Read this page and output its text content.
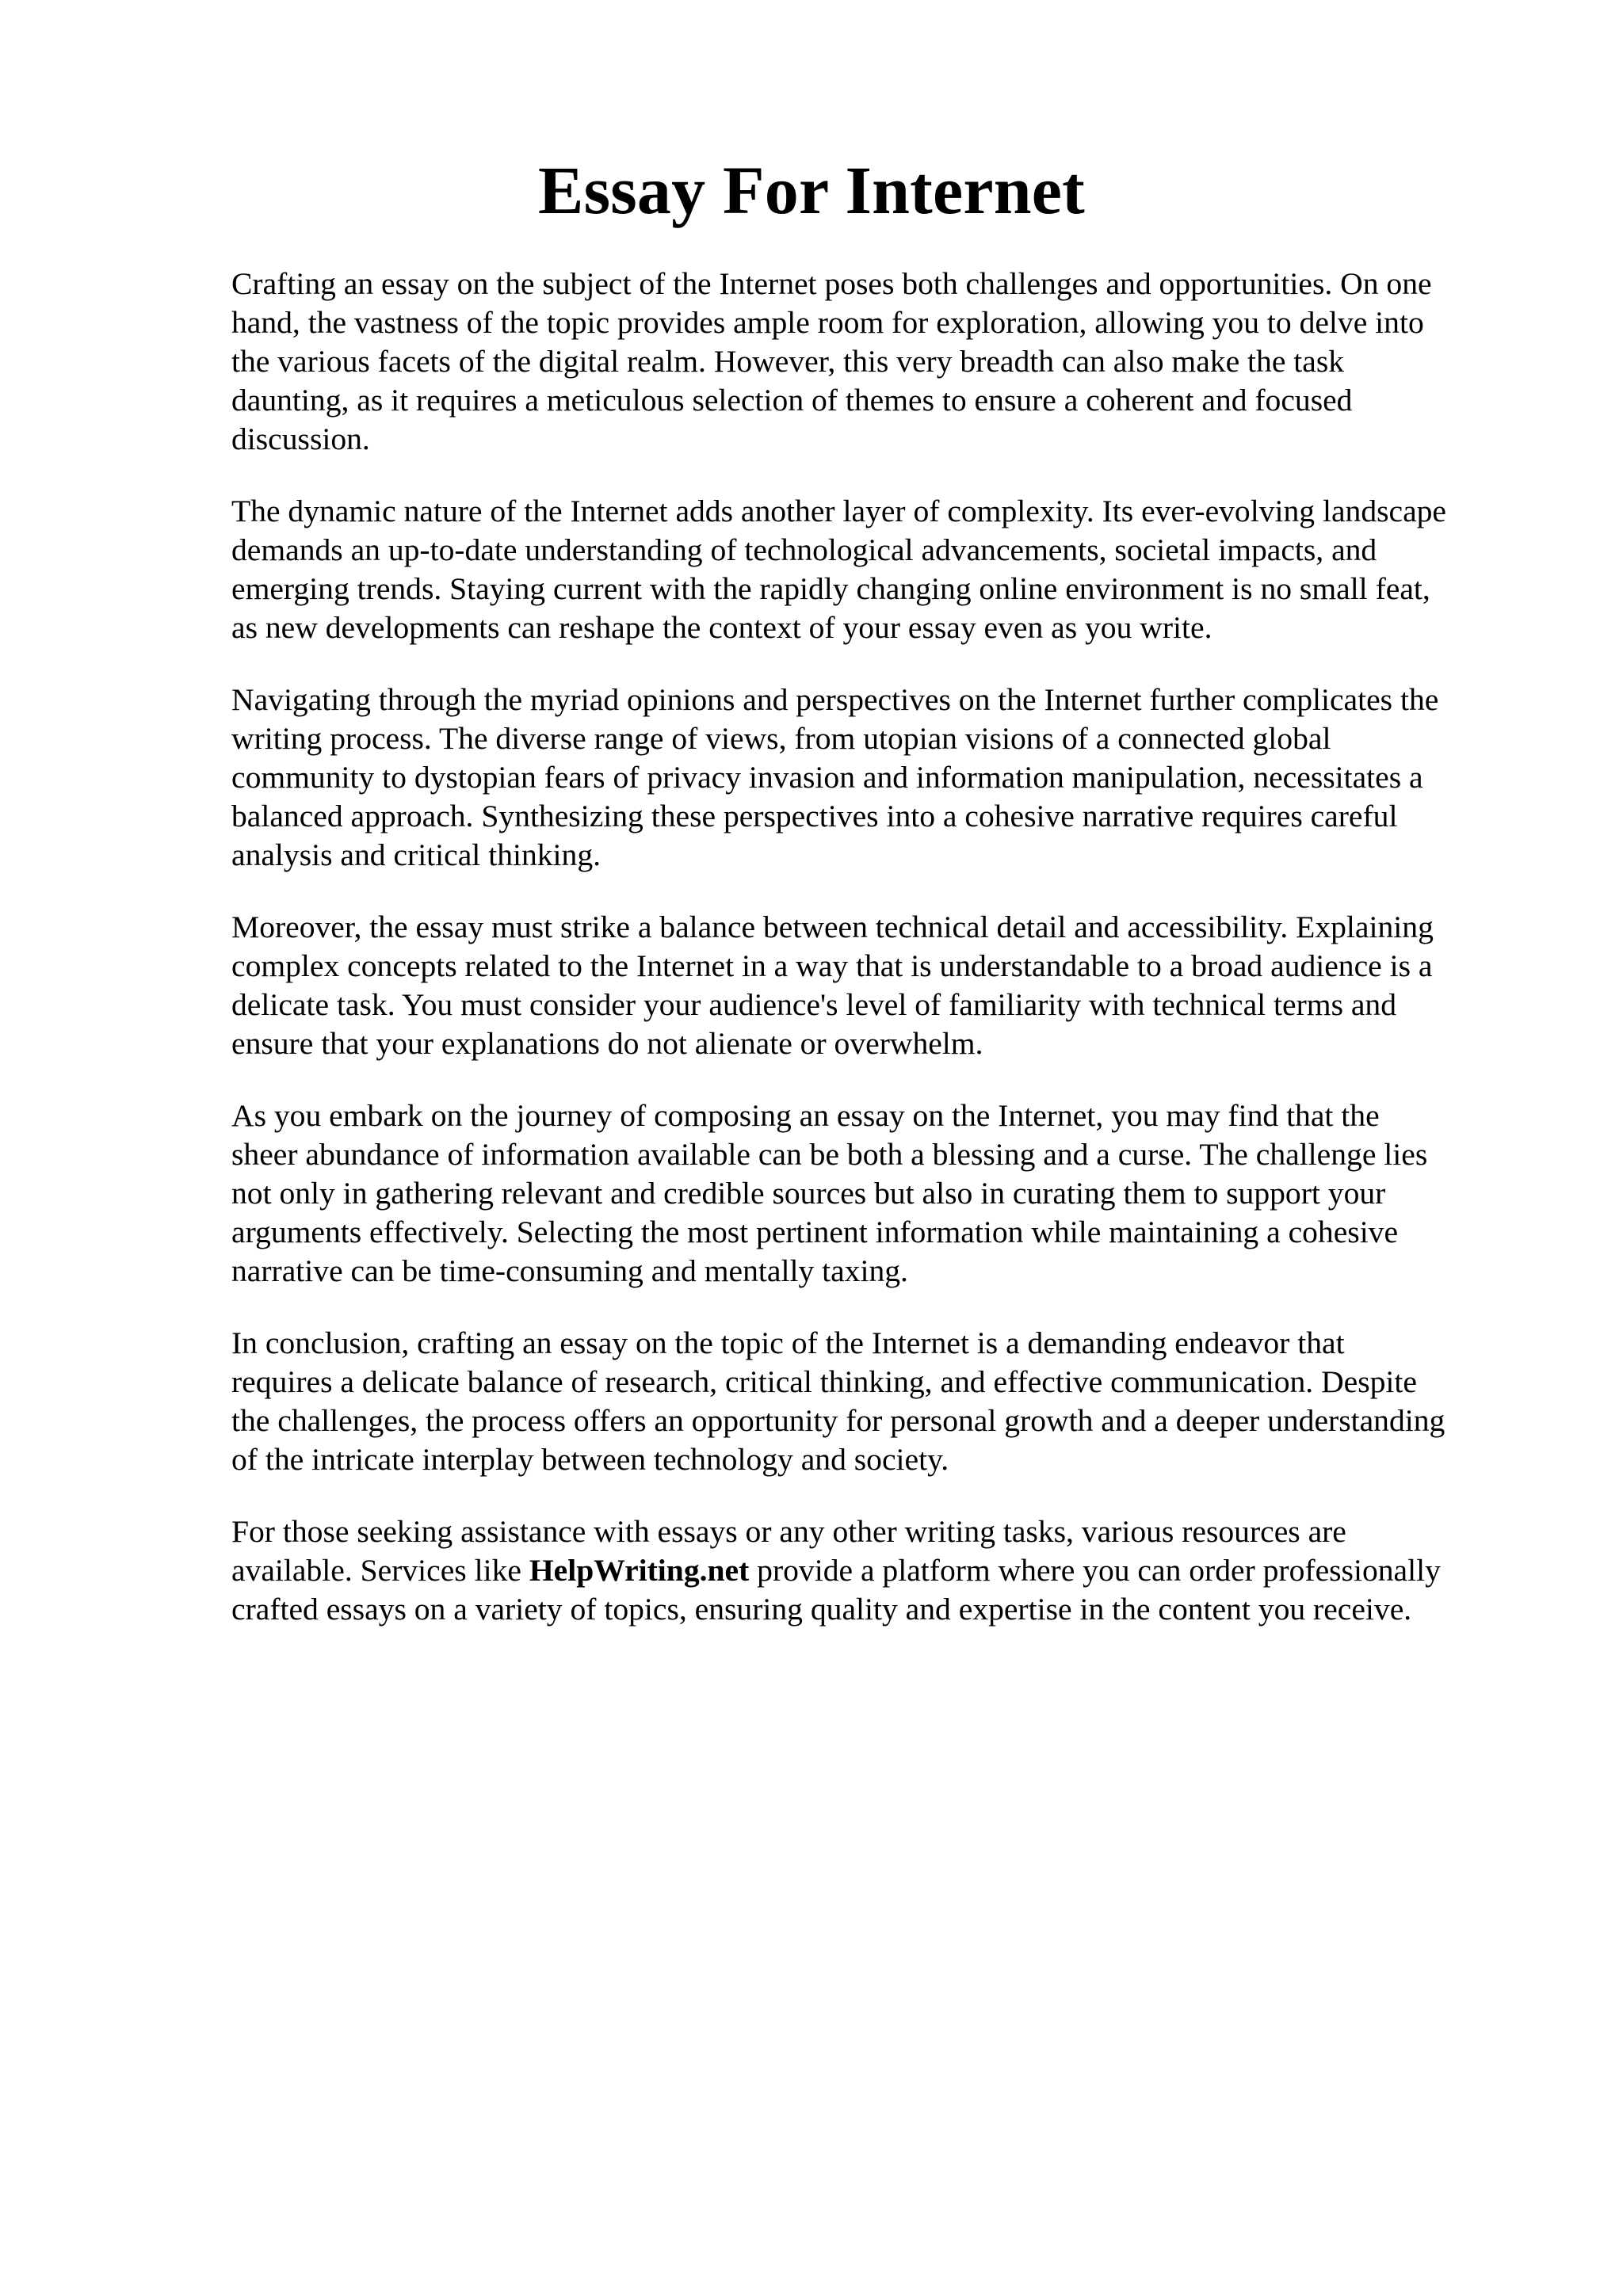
Essay For Internet

Crafting an essay on the subject of the Internet poses both challenges and opportunities. On one
hand, the vastness of the topic provides ample room for exploration, allowing you to delve into
the various facets of the digital realm. However, this very breadth can also make the task
daunting, as it requires a meticulous selection of themes to ensure a coherent and focused
discussion.

The dynamic nature of the Internet adds another layer of complexity. Its ever-evolving landscape
demands an up-to-date understanding of technological advancements, societal impacts, and
emerging trends. Staying current with the rapidly changing online environment is no small feat,
as new developments can reshape the context of your essay even as you write.

Navigating through the myriad opinions and perspectives on the Internet further complicates the
writing process. The diverse range of views, from utopian visions of a connected global
community to dystopian fears of privacy invasion and information manipulation, necessitates a
balanced approach. Synthesizing these perspectives into a cohesive narrative requires careful
analysis and critical thinking.

Moreover, the essay must strike a balance between technical detail and accessibility. Explaining
complex concepts related to the Internet in a way that is understandable to a broad audience is a
delicate task. You must consider your audience's level of familiarity with technical terms and
ensure that your explanations do not alienate or overwhelm.

As you embark on the journey of composing an essay on the Internet, you may find that the
sheer abundance of information available can be both a blessing and a curse. The challenge lies
not only in gathering relevant and credible sources but also in curating them to support your
arguments effectively. Selecting the most pertinent information while maintaining a cohesive
narrative can be time-consuming and mentally taxing.

In conclusion, crafting an essay on the topic of the Internet is a demanding endeavor that
requires a delicate balance of research, critical thinking, and effective communication. Despite
the challenges, the process offers an opportunity for personal growth and a deeper understanding
of the intricate interplay between technology and society.

For those seeking assistance with essays or any other writing tasks, various resources are
available. Services like HelpWriting.net provide a platform where you can order professionally
crafted essays on a variety of topics, ensuring quality and expertise in the content you receive.
